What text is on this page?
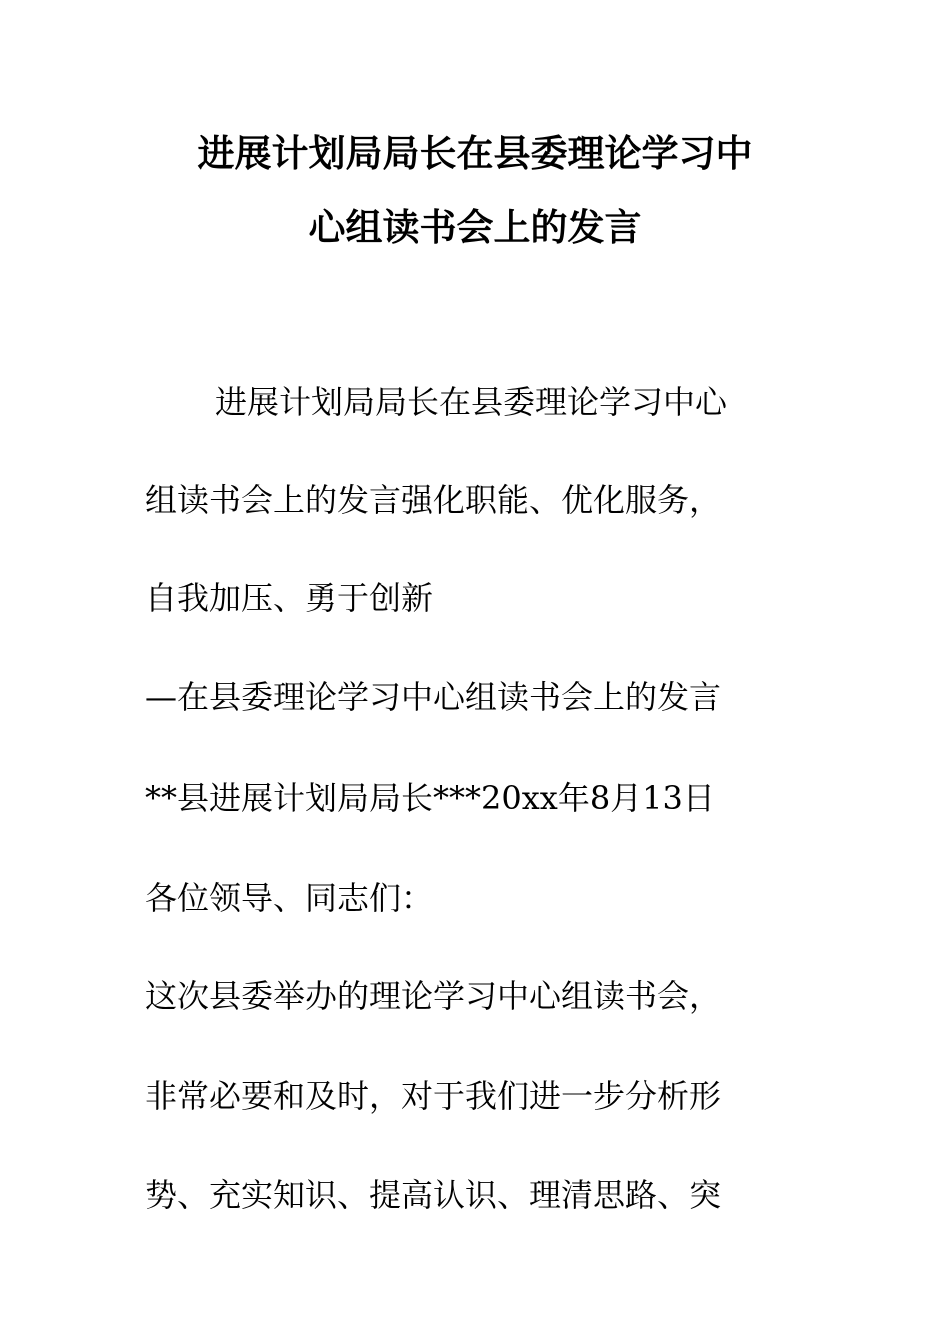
进展计划局局长在县委理论学习中
心组读书会上的发言
进展计划局局长在县委理论学习中心
组读书会上的发言强化职能、优化服务，
自我加压、勇于创新
—在县委理论学习中心组读书会上的发言
**县进展计划局局长***20xx年8月13日
各位领导、同志们：
这次县委举办的理论学习中心组读书会，
非常必要和及时，对于我们进一步分析形
势、充实知识、提高认识、理清思路、突
